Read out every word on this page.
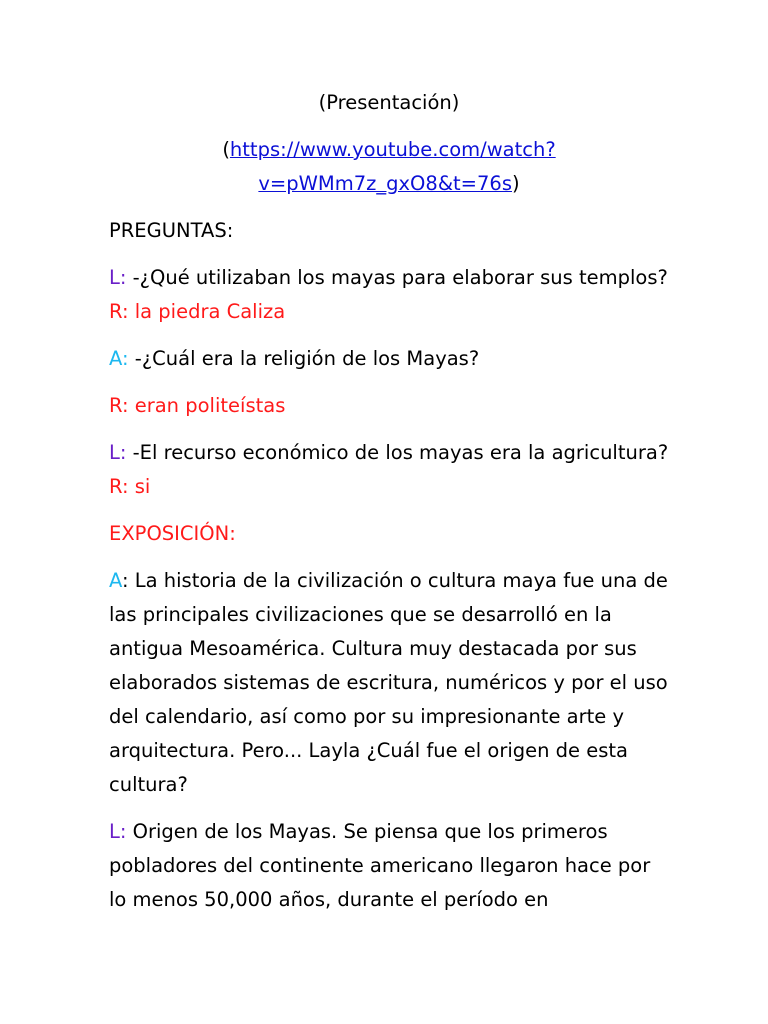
(Presentación)

(https://www.youtube.com/watch?
v=pWMm7z_gxO8&t=76s)

PREGUNTAS:

L: -¿Qué utilizaban los mayas para elaborar sus templos? R: la piedra Caliza

A: -¿Cuál era la religión de los Mayas?

R: eran politeístas

L: -El recurso económico de los mayas era la agricultura? R: si

EXPOSICIÓN:

A: La historia de la civilización o cultura maya fue una de las principales civilizaciones que se desarrolló en la antigua Mesoamérica. Cultura muy destacada por sus elaborados sistemas de escritura, numéricos y por el uso del calendario, así como por su impresionante arte y arquitectura. Pero... Layla ¿Cuál fue el origen de esta cultura?

L: Origen de los Mayas. Se piensa que los primeros pobladores del continente americano llegaron hace por lo menos 50,000 años, durante el período en
